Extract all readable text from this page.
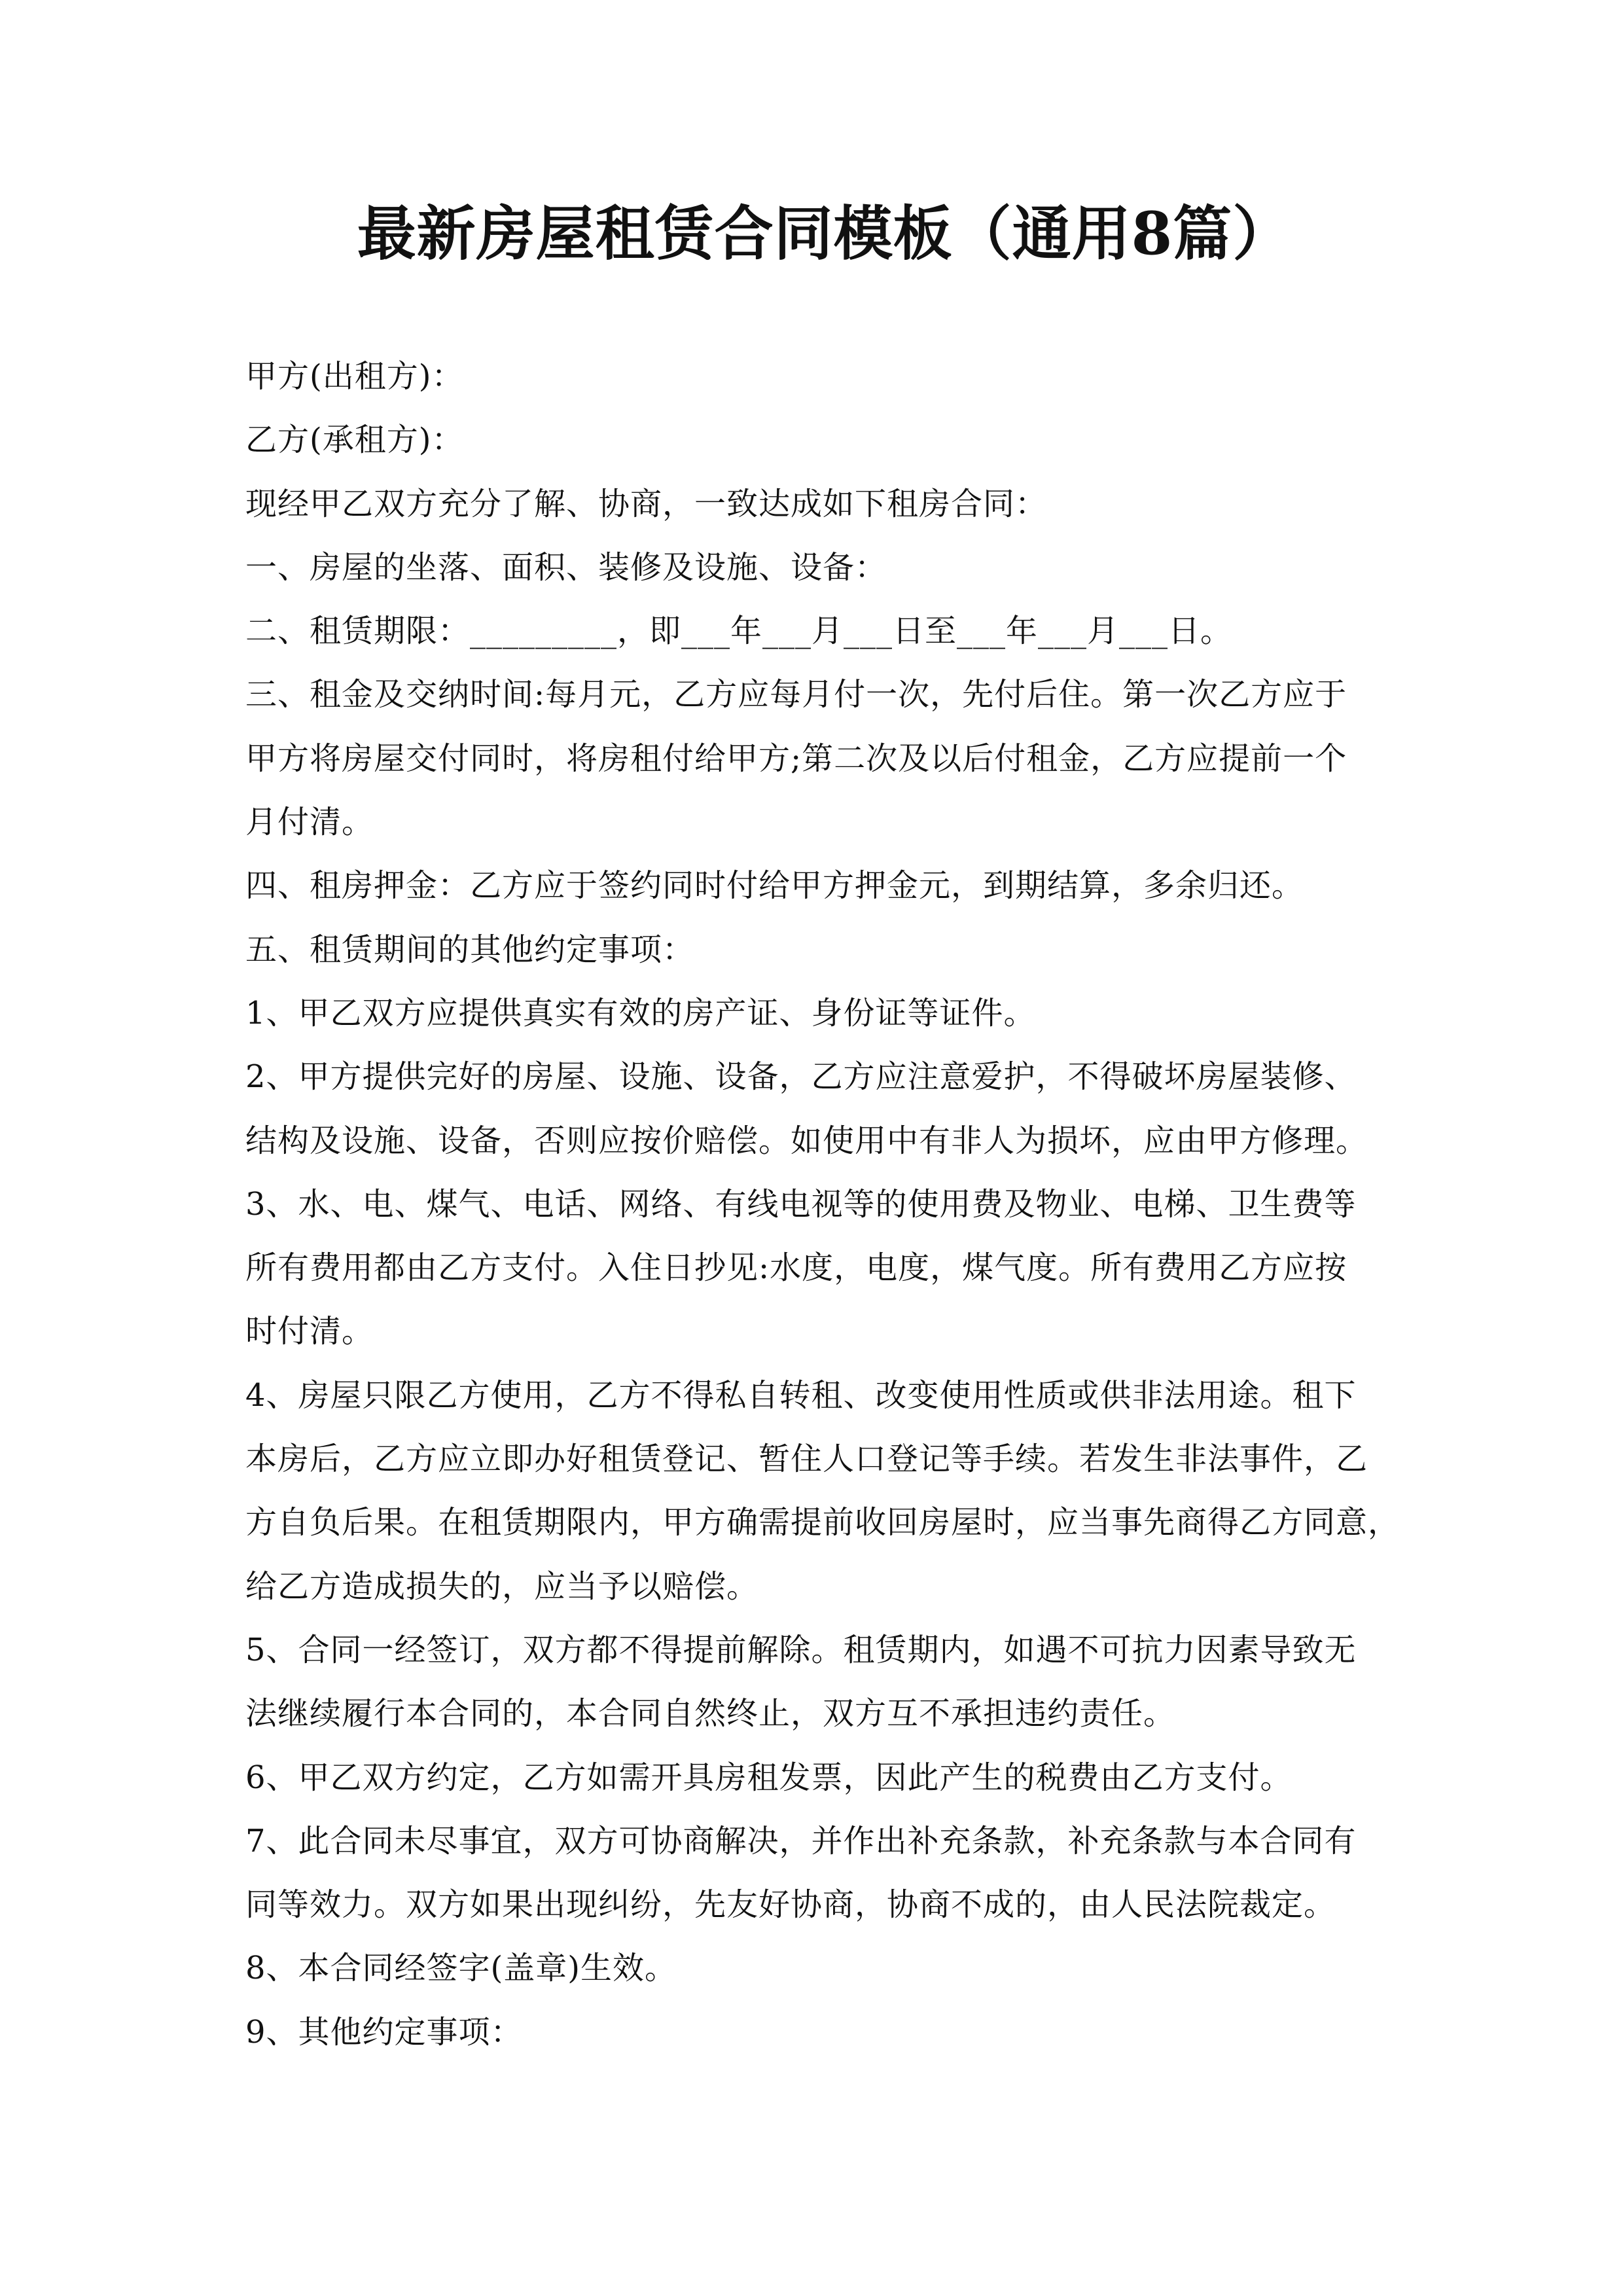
最新房屋租赁合同模板（通用8篇）
甲方(出租方)：
乙方(承租方)：
现经甲乙双方充分了解、协商，一致达成如下租房合同：
一、房屋的坐落、面积、装修及设施、设备：
二、租赁期限：_________，即___年___月___日至___年___月___日。
三、租金及交纳时间:每月元，乙方应每月付一次，先付后住。第一次乙方应于
甲方将房屋交付同时，将房租付给甲方;第二次及以后付租金，乙方应提前一个
月付清。
四、租房押金：乙方应于签约同时付给甲方押金元，到期结算，多余归还。
五、租赁期间的其他约定事项：
1、甲乙双方应提供真实有效的房产证、身份证等证件。
2、甲方提供完好的房屋、设施、设备，乙方应注意爱护，不得破坏房屋装修、
结构及设施、设备，否则应按价赔偿。如使用中有非人为损坏，应由甲方修理。
3、水、电、煤气、电话、网络、有线电视等的使用费及物业、电梯、卫生费等
所有费用都由乙方支付。入住日抄见:水度，电度，煤气度。所有费用乙方应按
时付清。
4、房屋只限乙方使用，乙方不得私自转租、改变使用性质或供非法用途。租下
本房后，乙方应立即办好租赁登记、暂住人口登记等手续。若发生非法事件，乙
方自负后果。在租赁期限内，甲方确需提前收回房屋时，应当事先商得乙方同意，
给乙方造成损失的，应当予以赔偿。
5、合同一经签订，双方都不得提前解除。租赁期内，如遇不可抗力因素导致无
法继续履行本合同的，本合同自然终止，双方互不承担违约责任。
6、甲乙双方约定，乙方如需开具房租发票，因此产生的税费由乙方支付。
7、此合同未尽事宜，双方可协商解决，并作出补充条款，补充条款与本合同有
同等效力。双方如果出现纠纷，先友好协商，协商不成的，由人民法院裁定。
8、本合同经签字(盖章)生效。
9、其他约定事项：
